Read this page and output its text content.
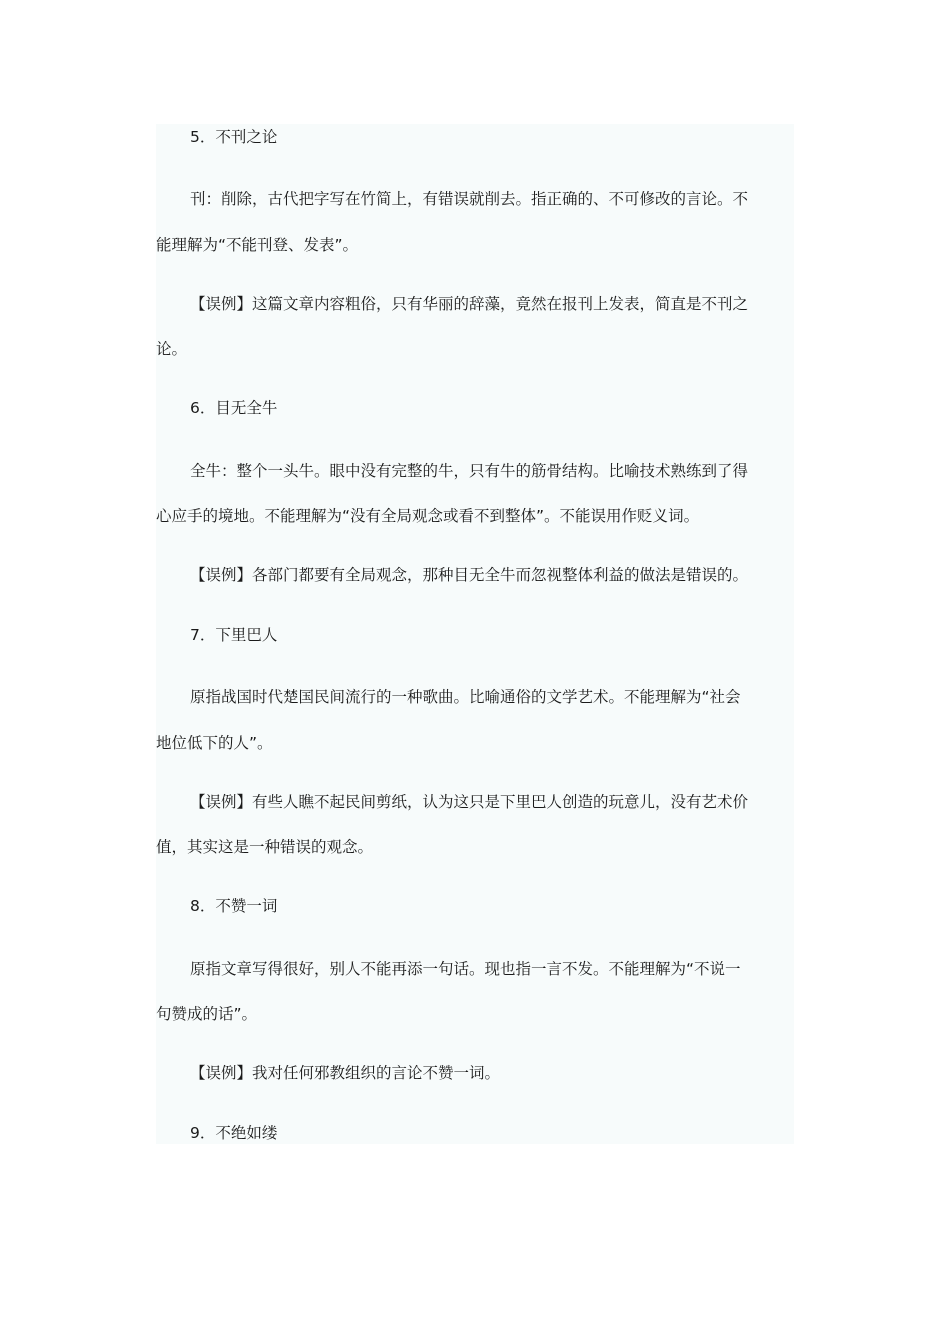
5．不刊之论
刊：削除，古代把字写在竹简上，有错误就削去。指正确的、不可修改的言论。不
能理解为“不能刊登、发表”。
【误例】这篇文章内容粗俗，只有华丽的辞藻，竟然在报刊上发表，简直是不刊之
论。
6．目无全牛
全牛：整个一头牛。眼中没有完整的牛，只有牛的筋骨结构。比喻技术熟练到了得
心应手的境地。不能理解为“没有全局观念或看不到整体”。不能误用作贬义词。
【误例】各部门都要有全局观念，那种目无全牛而忽视整体利益的做法是错误的。
7．下里巴人
原指战国时代楚国民间流行的一种歌曲。比喻通俗的文学艺术。不能理解为“社会
地位低下的人”。
【误例】有些人瞧不起民间剪纸，认为这只是下里巴人创造的玩意儿，没有艺术价
值，其实这是一种错误的观念。
8．不赞一词
原指文章写得很好，别人不能再添一句话。现也指一言不发。不能理解为“不说一
句赞成的话”。
【误例】我对任何邪教组织的言论不赞一词。
9．不绝如缕
